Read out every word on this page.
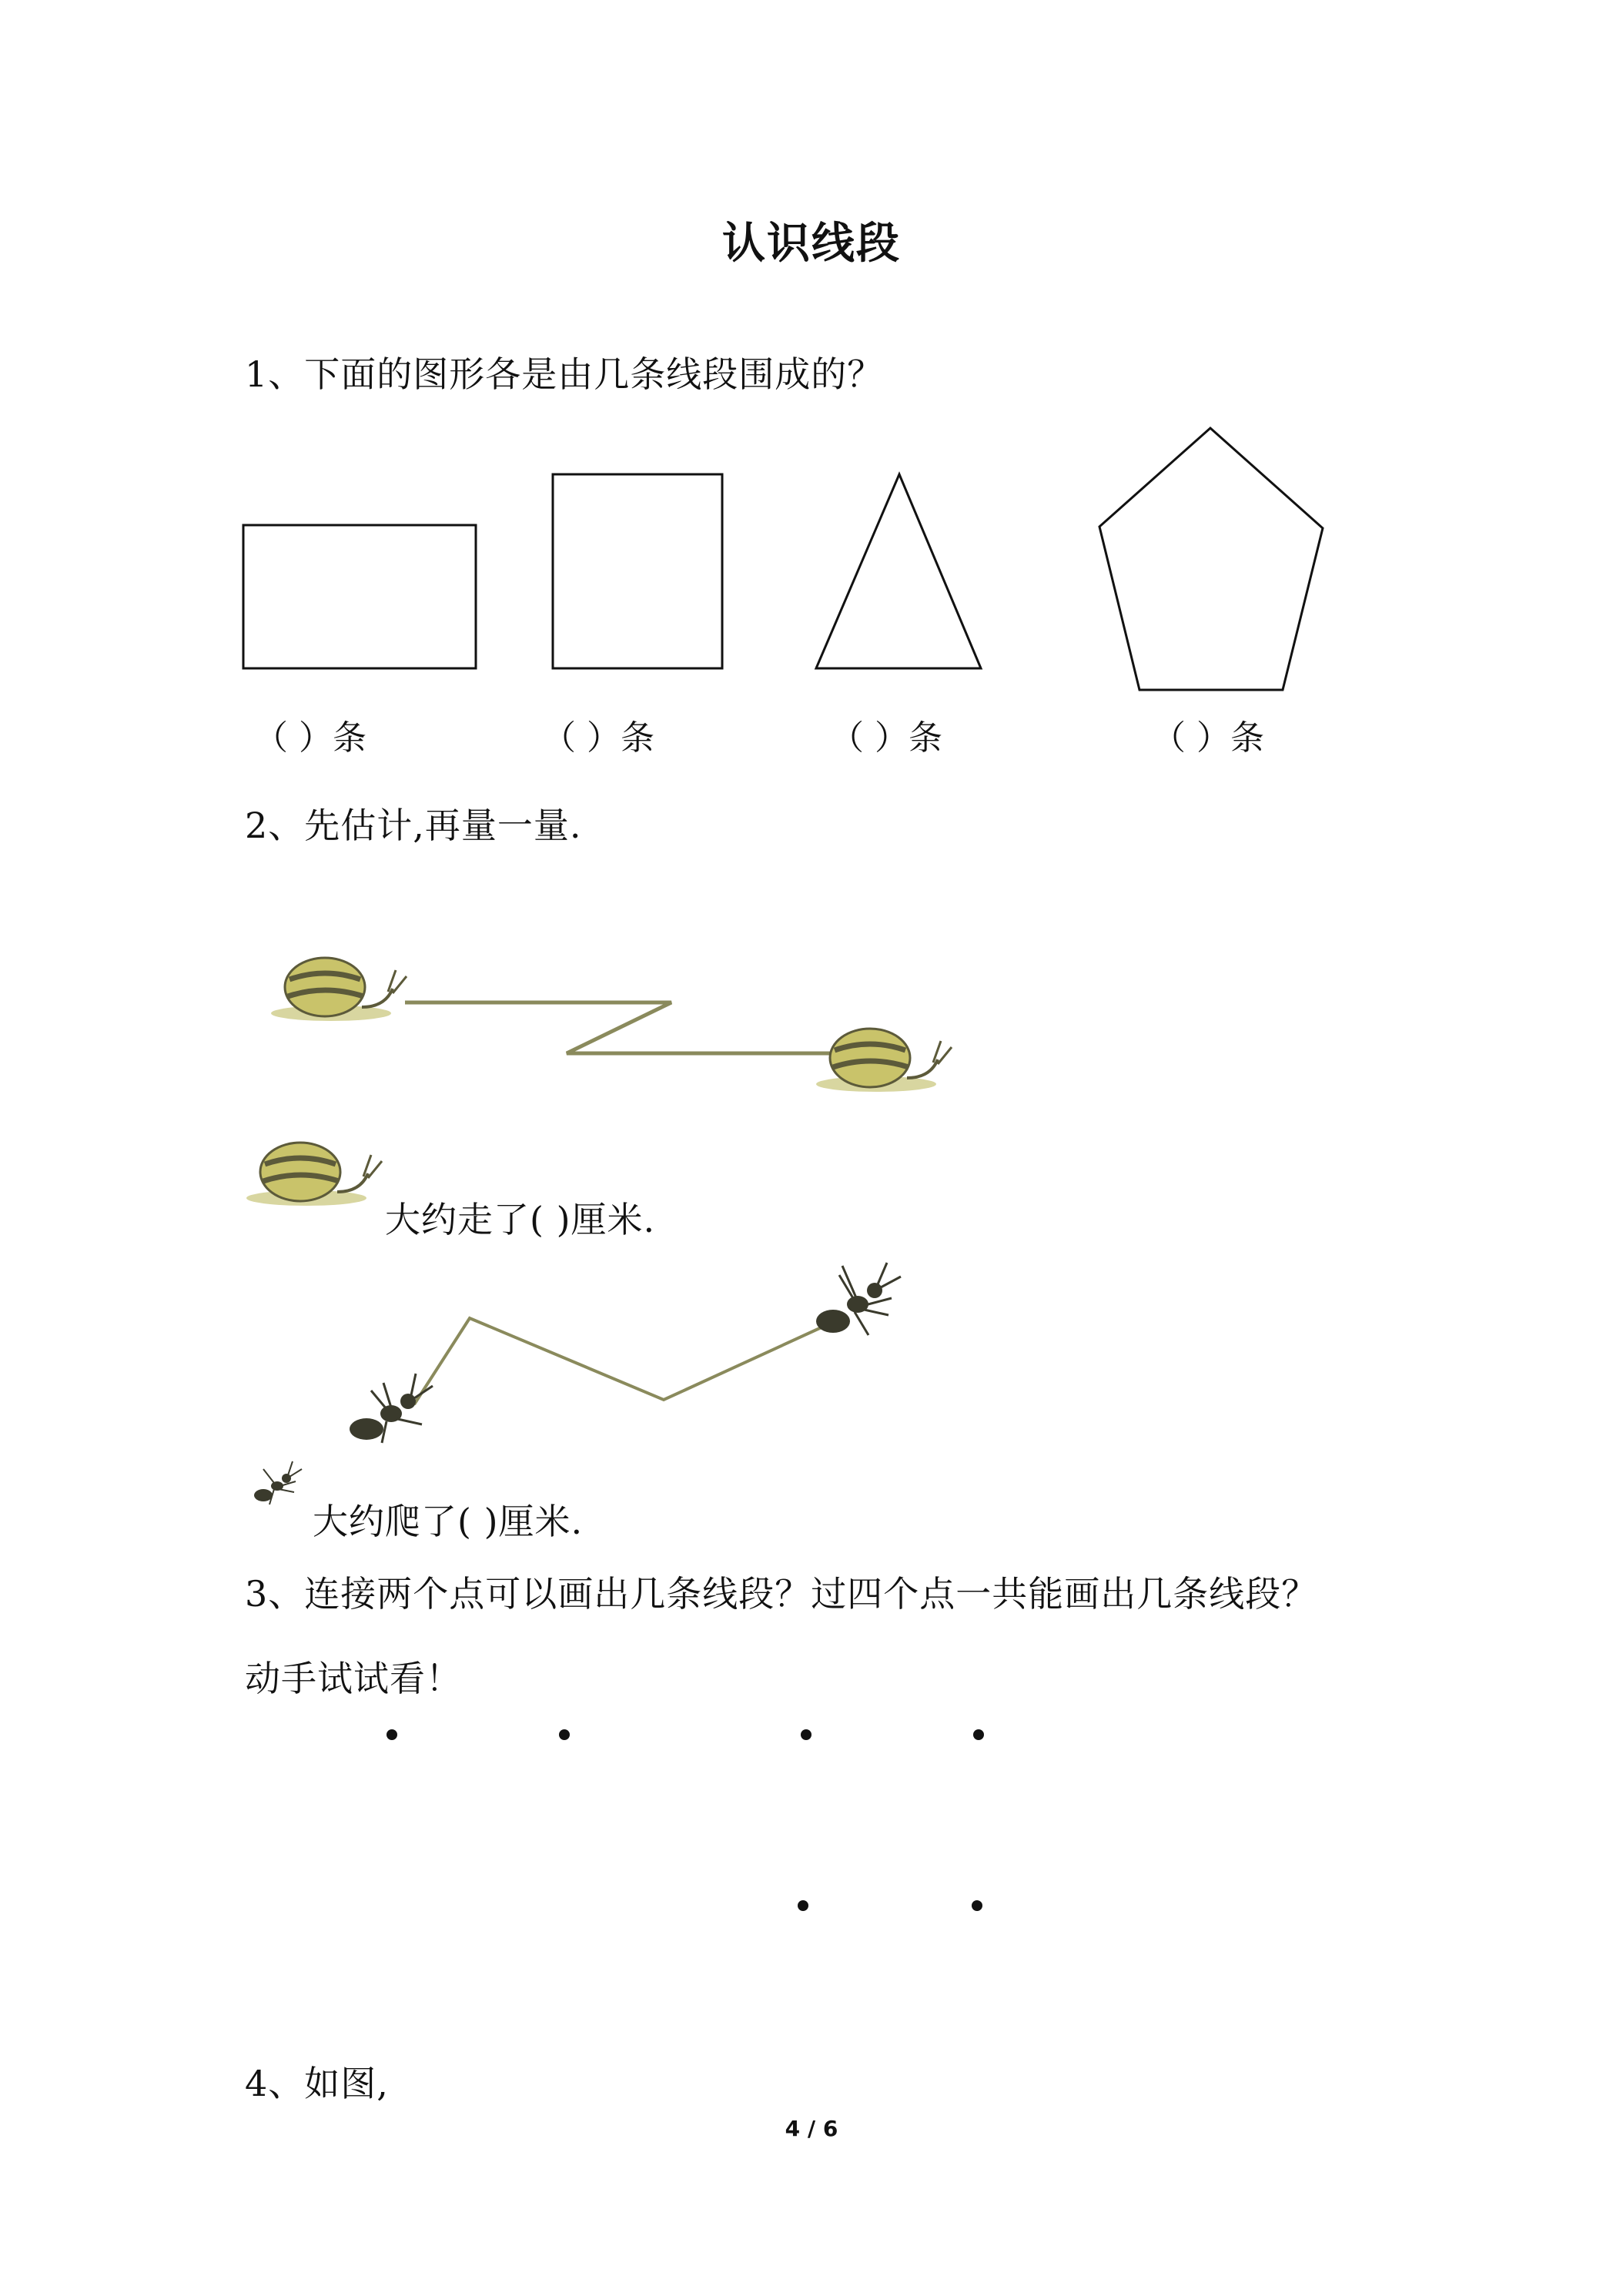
认识线段
1、下面的图形各是由几条线段围成的？
（ ）条	（ ）条	（ ）条	（ ）条
2、先估计,再量一量.
大约走了( )厘米.
大约爬了( )厘米.
3、连接两个点可以画出几条线段？过四个点一共能画出几条线段？
动手试试看！
4、如图,
4 / 6
